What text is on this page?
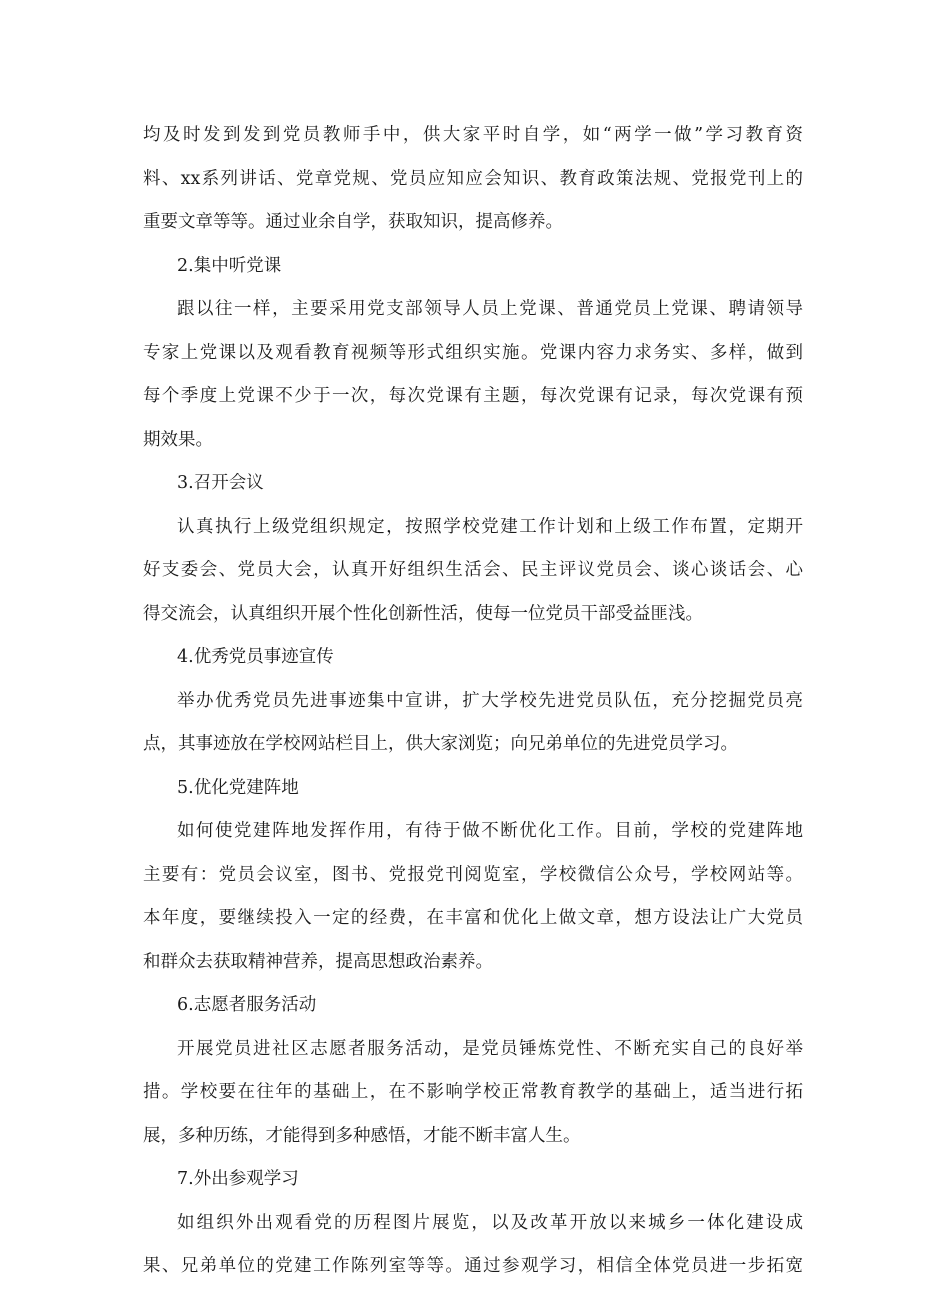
均及时发到发到党员教师手中，供大家平时自学，如“两学一做”学习教育资
料、xx系列讲话、党章党规、党员应知应会知识、教育政策法规、党报党刊上的
重要文章等等。通过业余自学，获取知识，提高修养。
2.集中听党课
跟以往一样，主要采用党支部领导人员上党课、普通党员上党课、聘请领导
专家上党课以及观看教育视频等形式组织实施。党课内容力求务实、多样，做到
每个季度上党课不少于一次，每次党课有主题，每次党课有记录，每次党课有预
期效果。
3.召开会议
认真执行上级党组织规定，按照学校党建工作计划和上级工作布置，定期开
好支委会、党员大会，认真开好组织生活会、民主评议党员会、谈心谈话会、心
得交流会，认真组织开展个性化创新性活，使每一位党员干部受益匪浅。
4.优秀党员事迹宣传
举办优秀党员先进事迹集中宣讲，扩大学校先进党员队伍，充分挖掘党员亮
点，其事迹放在学校网站栏目上，供大家浏览；向兄弟单位的先进党员学习。
5.优化党建阵地
如何使党建阵地发挥作用，有待于做不断优化工作。目前，学校的党建阵地
主要有：党员会议室，图书、党报党刊阅览室，学校微信公众号，学校网站等。
本年度，要继续投入一定的经费，在丰富和优化上做文章，想方设法让广大党员
和群众去获取精神营养，提高思想政治素养。
6.志愿者服务活动
开展党员进社区志愿者服务活动，是党员锤炼党性、不断充实自己的良好举
措。学校要在往年的基础上，在不影响学校正常教育教学的基础上，适当进行拓
展，多种历练，才能得到多种感悟，才能不断丰富人生。
7.外出参观学习
如组织外出观看党的历程图片展览，以及改革开放以来城乡一体化建设成
果、兄弟单位的党建工作陈列室等等。通过参观学习，相信全体党员进一步拓宽
